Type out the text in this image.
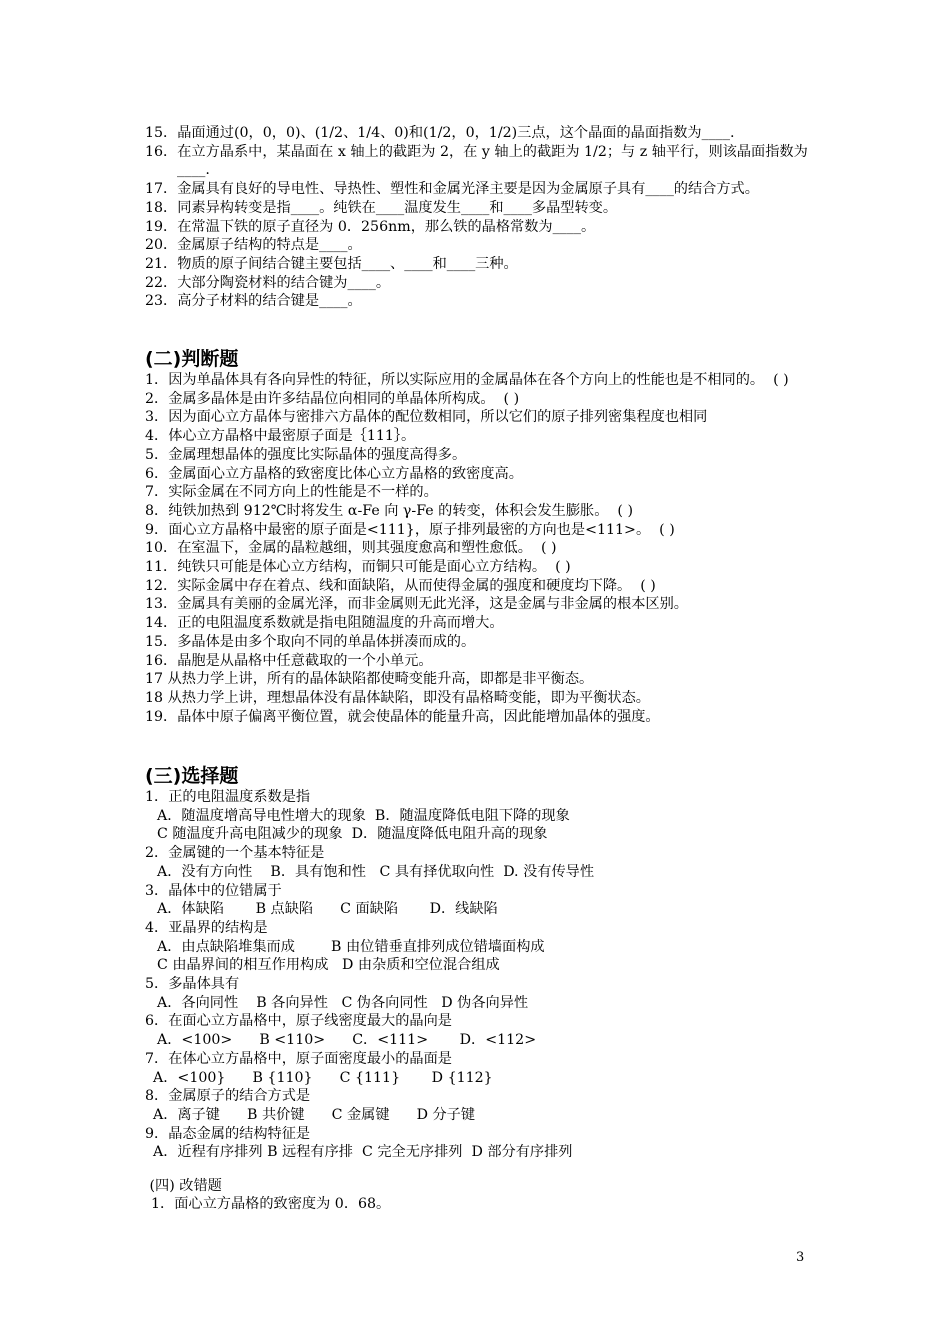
15．晶面通过(0，0，0)、(1/2、1/4、0)和(1/2，0，1/2)三点，这个晶面的晶面指数为____.
16．在立方晶系中，某晶面在 x 轴上的截距为 2，在 y 轴上的截距为 1/2；与 z 轴平行，则该晶面指数为____.
17．金属具有良好的导电性、导热性、塑性和金属光泽主要是因为金属原子具有____的结合方式。
18．同素异构转变是指____。纯铁在____温度发生____和____多晶型转变。
19．在常温下铁的原子直径为 0．256nm，那么铁的晶格常数为____。
20．金属原子结构的特点是____。
21．物质的原子间结合键主要包括____、____和____三种。
22．大部分陶瓷材料的结合键为____。
23．高分子材料的结合键是____。
(二)判断题
1．因为单晶体具有各向异性的特征，所以实际应用的金属晶体在各个方向上的性能也是不相同的。  ( )
2．金属多晶体是由许多结晶位向相同的单晶体所构成。  ( )
3．因为面心立方晶体与密排六方晶体的配位数相同，所以它们的原子排列密集程度也相同
4．体心立方晶格中最密原子面是｛111｝。
5．金属理想晶体的强度比实际晶体的强度高得多。
6．金属面心立方晶格的致密度比体心立方晶格的致密度高。
7．实际金属在不同方向上的性能是不一样的。
8．纯铁加热到 912℃时将发生 α-Fe 向 γ-Fe 的转变，体积会发生膨胀。  ( )
9．面心立方晶格中最密的原子面是<111}，原子排列最密的方向也是<111>。  ( )
10．在室温下，金属的晶粒越细，则其强度愈高和塑性愈低。  ( )
11．纯铁只可能是体心立方结构，而铜只可能是面心立方结构。  ( )
12．实际金属中存在着点、线和面缺陷，从而使得金属的强度和硬度均下降。  ( )
13．金属具有美丽的金属光泽，而非金属则无此光泽，这是金属与非金属的根本区别。
14．正的电阻温度系数就是指电阻随温度的升高而增大。
15．多晶体是由多个取向不同的单晶体拼凑而成的。
16．晶胞是从晶格中任意截取的一个小单元。
17 从热力学上讲，所有的晶体缺陷都使畸变能升高，即都是非平衡态。
18 从热力学上讲，理想晶体没有晶体缺陷，即没有晶格畸变能，即为平衡状态。
19．晶体中原子偏离平衡位置，就会使晶体的能量升高，因此能增加晶体的强度。
(三)选择题
1．正的电阻温度系数是指
A．随温度增高导电性增大的现象  B．随温度降低电阻下降的现象
C 随温度升高电阻减少的现象  D．随温度降低电阻升高的现象
2．金属键的一个基本特征是
A．没有方向性    B．具有饱和性   C 具有择优取向性  D. 没有传导性
3．晶体中的位错属于
A．体缺陷       B 点缺陷      C 面缺陷       D．线缺陷
4．亚晶界的结构是
A．由点缺陷堆集而成        B 由位错垂直排列成位错墙面构成
C 由晶界间的相互作用构成   D 由杂质和空位混合组成
5．多晶体具有
A．各向同性    B 各向异性   C 伪各向同性   D 伪各向异性
6．在面心立方晶格中，原子线密度最大的晶向是
A．<100>      B <110>      C．<111>       D．<112>
7．在体心立方晶格中，原子面密度最小的晶面是
A．<100}      B {110}      C {111}       D {112}
8．金属原子的结合方式是
A．离子键      B 共价键      C 金属键      D 分子键
9．晶态金属的结构特征是
A．近程有序排列 B 远程有序排  C 完全无序排列  D 部分有序排列
(四) 改错题
1．面心立方晶格的致密度为 0．68。
3
